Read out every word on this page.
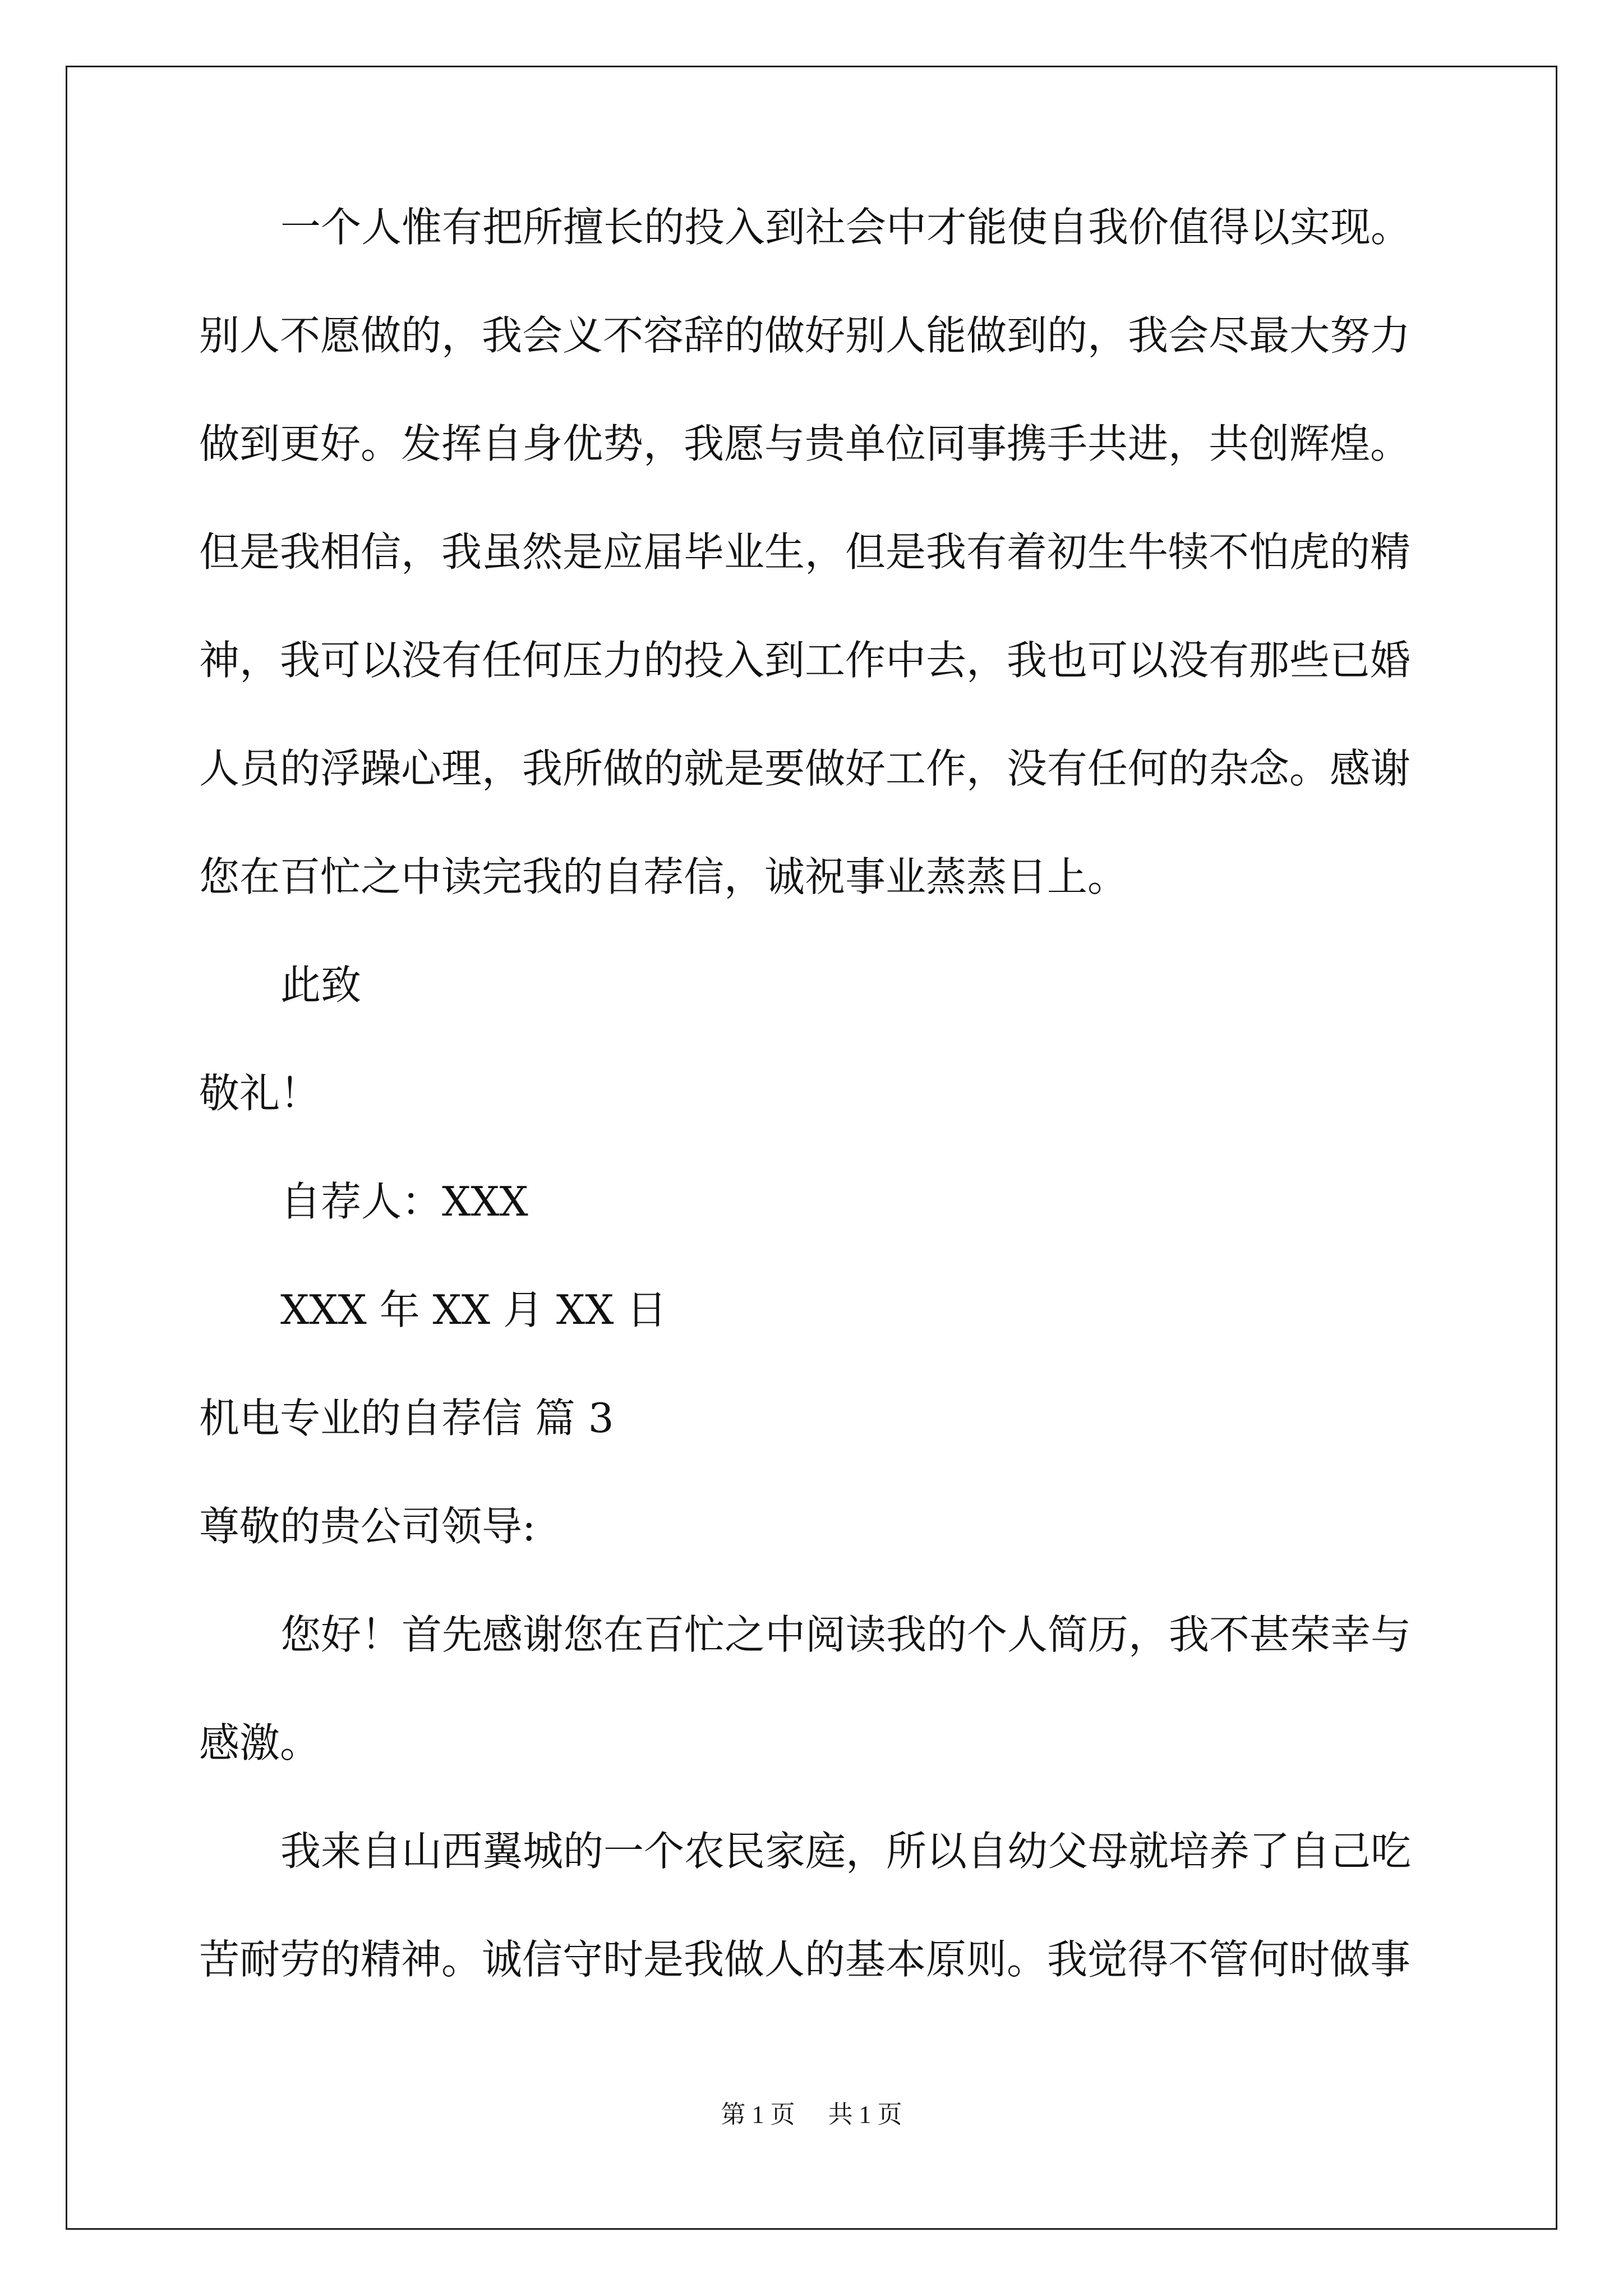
一个人惟有把所擅长的投入到社会中才能使自我价值得以实现。
别人不愿做的，我会义不容辞的做好别人能做到的，我会尽最大努力
做到更好。发挥自身优势，我愿与贵单位同事携手共进，共创辉煌。
但是我相信，我虽然是应届毕业生，但是我有着初生牛犊不怕虎的精
神，我可以没有任何压力的投入到工作中去，我也可以没有那些已婚
人员的浮躁心理，我所做的就是要做好工作，没有任何的杂念。感谢
您在百忙之中读完我的自荐信，诚祝事业蒸蒸日上。
此致
敬礼！
自荐人：XXX
XXX 年 XX 月 XX 日
机电专业的自荐信 篇 3
尊敬的贵公司领导:
您好！首先感谢您在百忙之中阅读我的个人简历，我不甚荣幸与
感激。
我来自山西翼城的一个农民家庭，所以自幼父母就培养了自己吃
苦耐劳的精神。诚信守时是我做人的基本原则。我觉得不管何时做事
第 1 页 共 1 页
